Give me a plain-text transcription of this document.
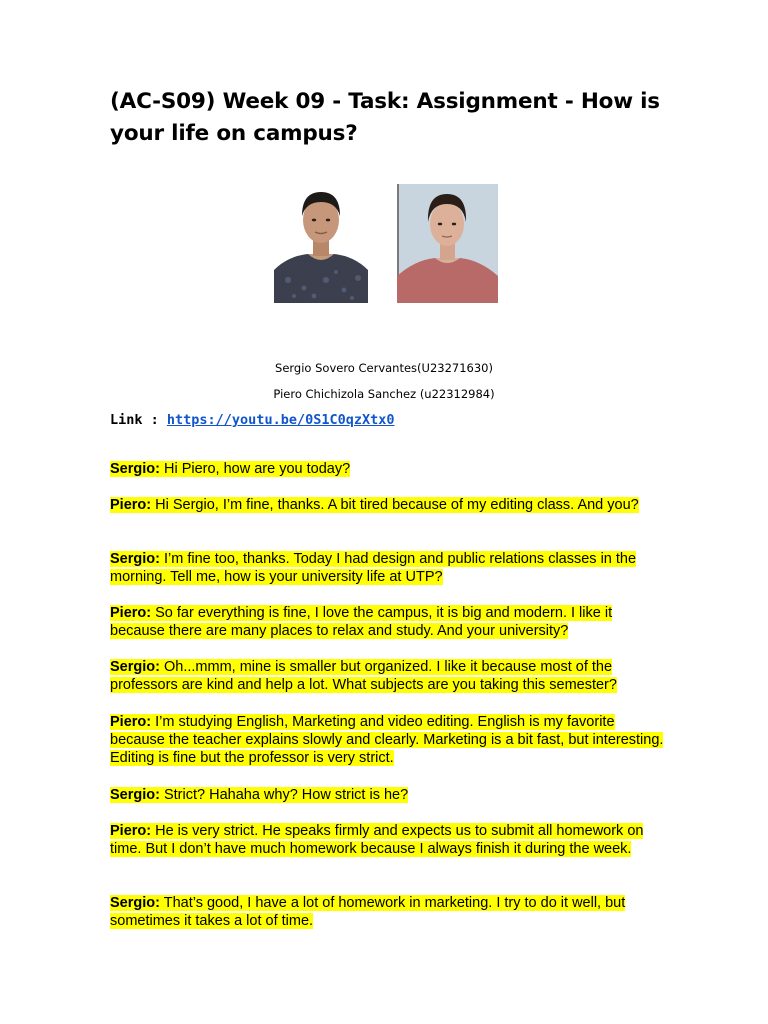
(AC-S09) Week 09 - Task: Assignment - How is your life on campus?
Sergio Sovero Cervantes(U23271630)
Piero Chichizola Sanchez (u22312984)
Link : https://youtu.be/0S1C0qzXtx0

Sergio: Hi Piero, how are you today?

Piero: Hi Sergio, I’m fine, thanks. A bit tired because of my editing class. And you?

Sergio: I’m fine too, thanks. Today I had design and public relations classes in the morning. Tell me, how is your university life at UTP?

Piero: So far everything is fine, I love the campus, it is big and modern. I like it because there are many places to relax and study. And your university?

Sergio: Oh...mmm, mine is smaller but organized. I like it because most of the professors are kind and help a lot. What subjects are you taking this semester?

Piero: I’m studying English, Marketing and video editing. English is my favorite because the teacher explains slowly and clearly. Marketing is a bit fast, but interesting. Editing is fine but the professor is very strict.

Sergio: Strict? Hahaha why? How strict is he?

Piero: He is very strict. He speaks firmly and expects us to submit all homework on time. But I don’t have much homework because I always finish it during the week.

Sergio: That’s good, I have a lot of homework in marketing. I try to do it well, but sometimes it takes a lot of time.
